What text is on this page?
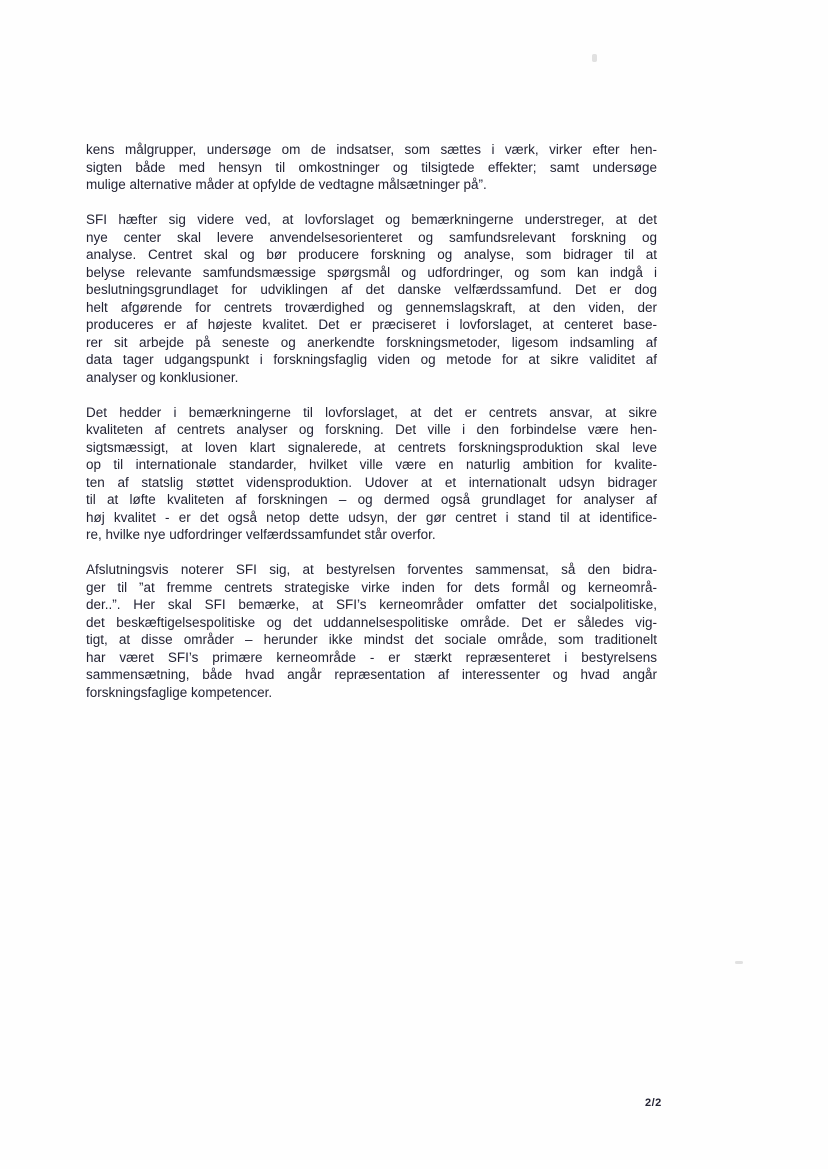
kens målgrupper, undersøge om de indsatser, som sættes i værk, virker efter hen-
sigten både med hensyn til omkostninger og tilsigtede effekter; samt undersøge
mulige alternative måder at opfylde de vedtagne målsætninger på”.
SFI hæfter sig videre ved, at lovforslaget og bemærkningerne understreger, at det
nye center skal levere anvendelsesorienteret og samfundsrelevant forskning og
analyse. Centret skal og bør producere forskning og analyse, som bidrager til at
belyse relevante samfundsmæssige spørgsmål og udfordringer, og som kan indgå i
beslutningsgrundlaget for udviklingen af det danske velfærdssamfund. Det er dog
helt afgørende for centrets troværdighed og gennemslagskraft, at den viden, der
produceres er af højeste kvalitet. Det er præciseret i lovforslaget, at centeret base-
rer sit arbejde på seneste og anerkendte forskningsmetoder, ligesom indsamling af
data tager udgangspunkt i forskningsfaglig viden og metode for at sikre validitet af
analyser og konklusioner.
Det hedder i bemærkningerne til lovforslaget, at det er centrets ansvar, at sikre
kvaliteten af centrets analyser og forskning. Det ville i den forbindelse være hen-
sigtsmæssigt, at loven klart signalerede, at centrets forskningsproduktion skal leve
op til internationale standarder, hvilket ville være en naturlig ambition for kvalite-
ten af statslig støttet vidensproduktion. Udover at et internationalt udsyn bidrager
til at løfte kvaliteten af forskningen – og dermed også grundlaget for analyser af
høj kvalitet - er det også netop dette udsyn, der gør centret i stand til at identifice-
re, hvilke nye udfordringer velfærdssamfundet står overfor.
Afslutningsvis noterer SFI sig, at bestyrelsen forventes sammensat, så den bidra-
ger til ”at fremme centrets strategiske virke inden for dets formål og kerneområ-
der..”. Her skal SFI bemærke, at SFI’s kerneområder omfatter det socialpolitiske,
det beskæftigelsespolitiske og det uddannelsespolitiske område. Det er således vig-
tigt, at disse områder – herunder ikke mindst det sociale område, som traditionelt
har været SFI’s primære kerneområde - er stærkt repræsenteret i bestyrelsens
sammensætning, både hvad angår repræsentation af interessenter og hvad angår
forskningsfaglige kompetencer.
2/2
